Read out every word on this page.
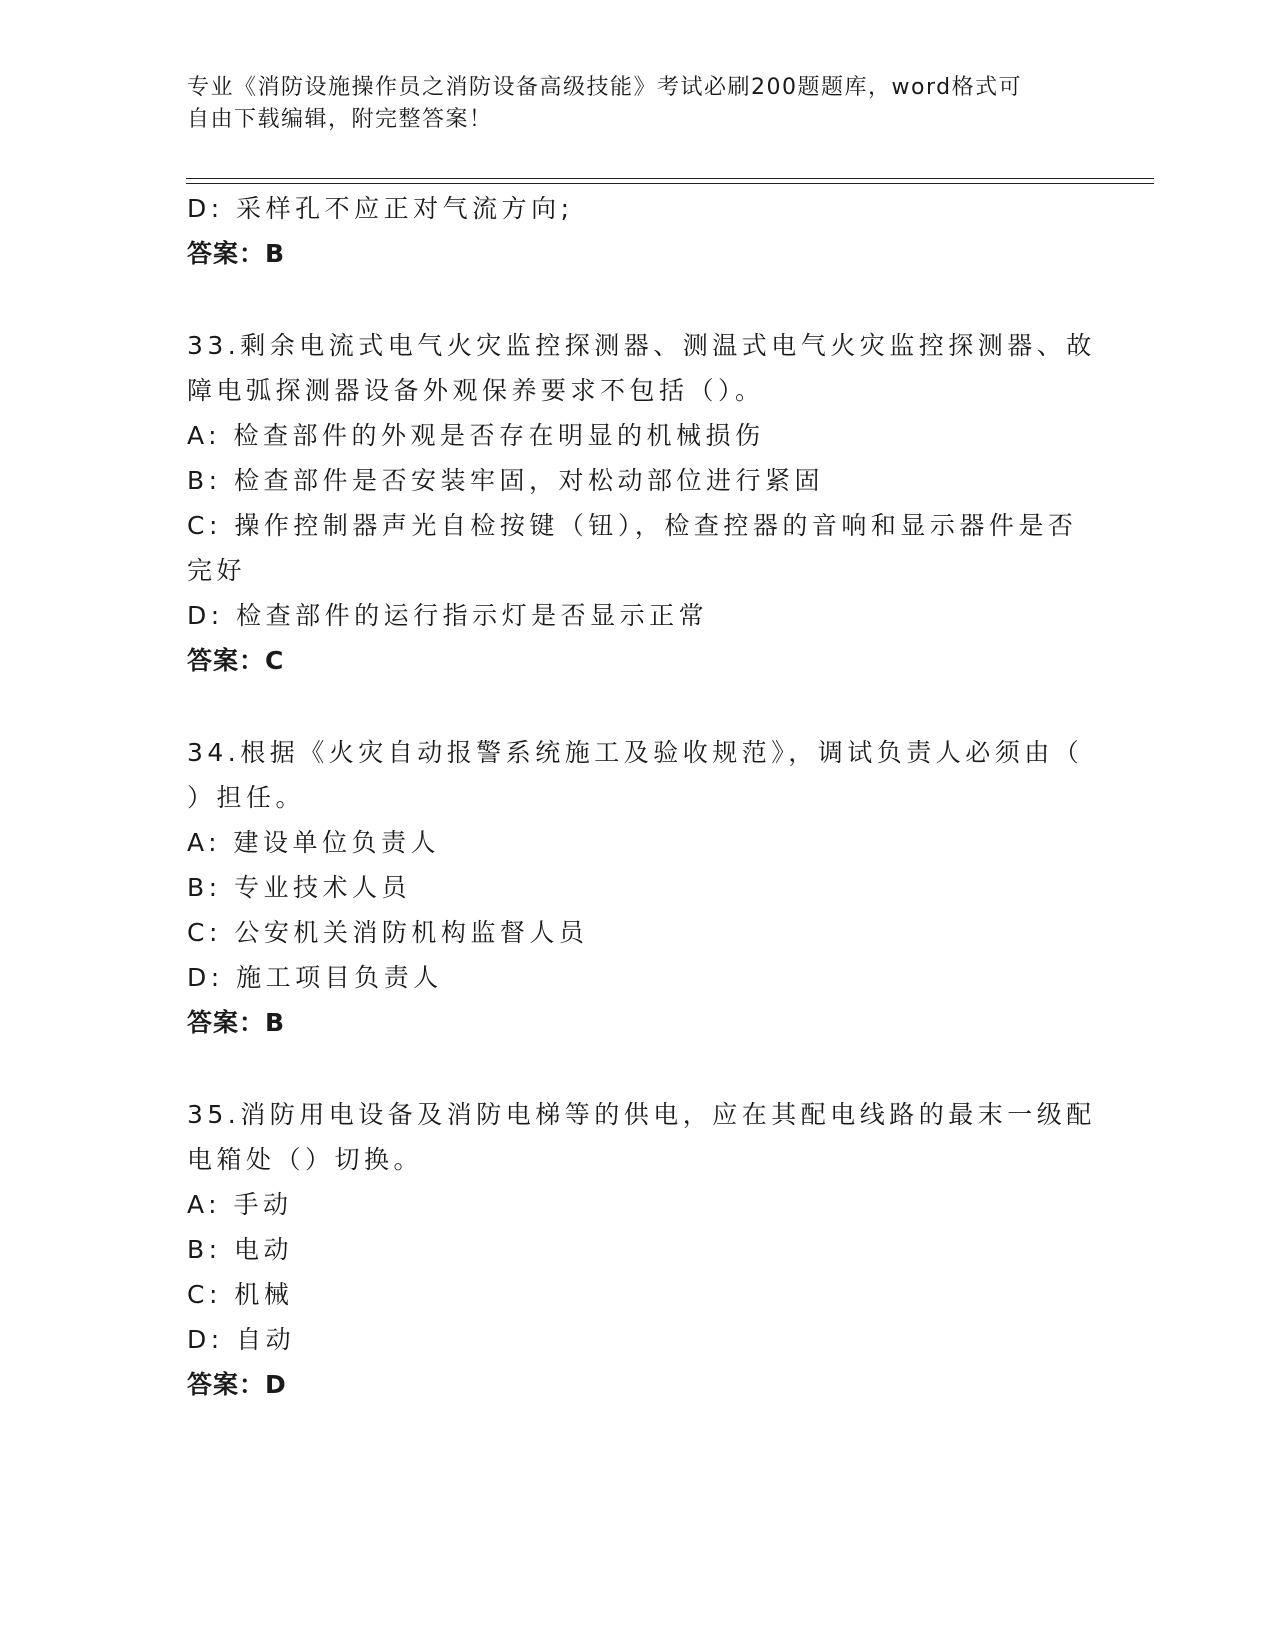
专业《消防设施操作员之消防设备高级技能》考试必刷200题题库，word格式可
自由下载编辑，附完整答案！
D: 采样孔不应正对气流方向;
答案：B
33.剩余电流式电气火灾监控探测器、测温式电气火灾监控探测器、故
障电弧探测器设备外观保养要求不包括（）。
A: 检查部件的外观是否存在明显的机械损伤
B: 检查部件是否安装牢固，对松动部位进行紧固
C: 操作控制器声光自检按键（钮），检查控器的音响和显示器件是否
完好
D: 检查部件的运行指示灯是否显示正常
答案：C
34.根据《火灾自动报警系统施工及验收规范》，调试负责人必须由（
）担任。
A: 建设单位负责人
B: 专业技术人员
C: 公安机关消防机构监督人员
D: 施工项目负责人
答案：B
35.消防用电设备及消防电梯等的供电，应在其配电线路的最末一级配
电箱处（）切换。
A: 手动
B: 电动
C: 机械
D: 自动
答案：D
